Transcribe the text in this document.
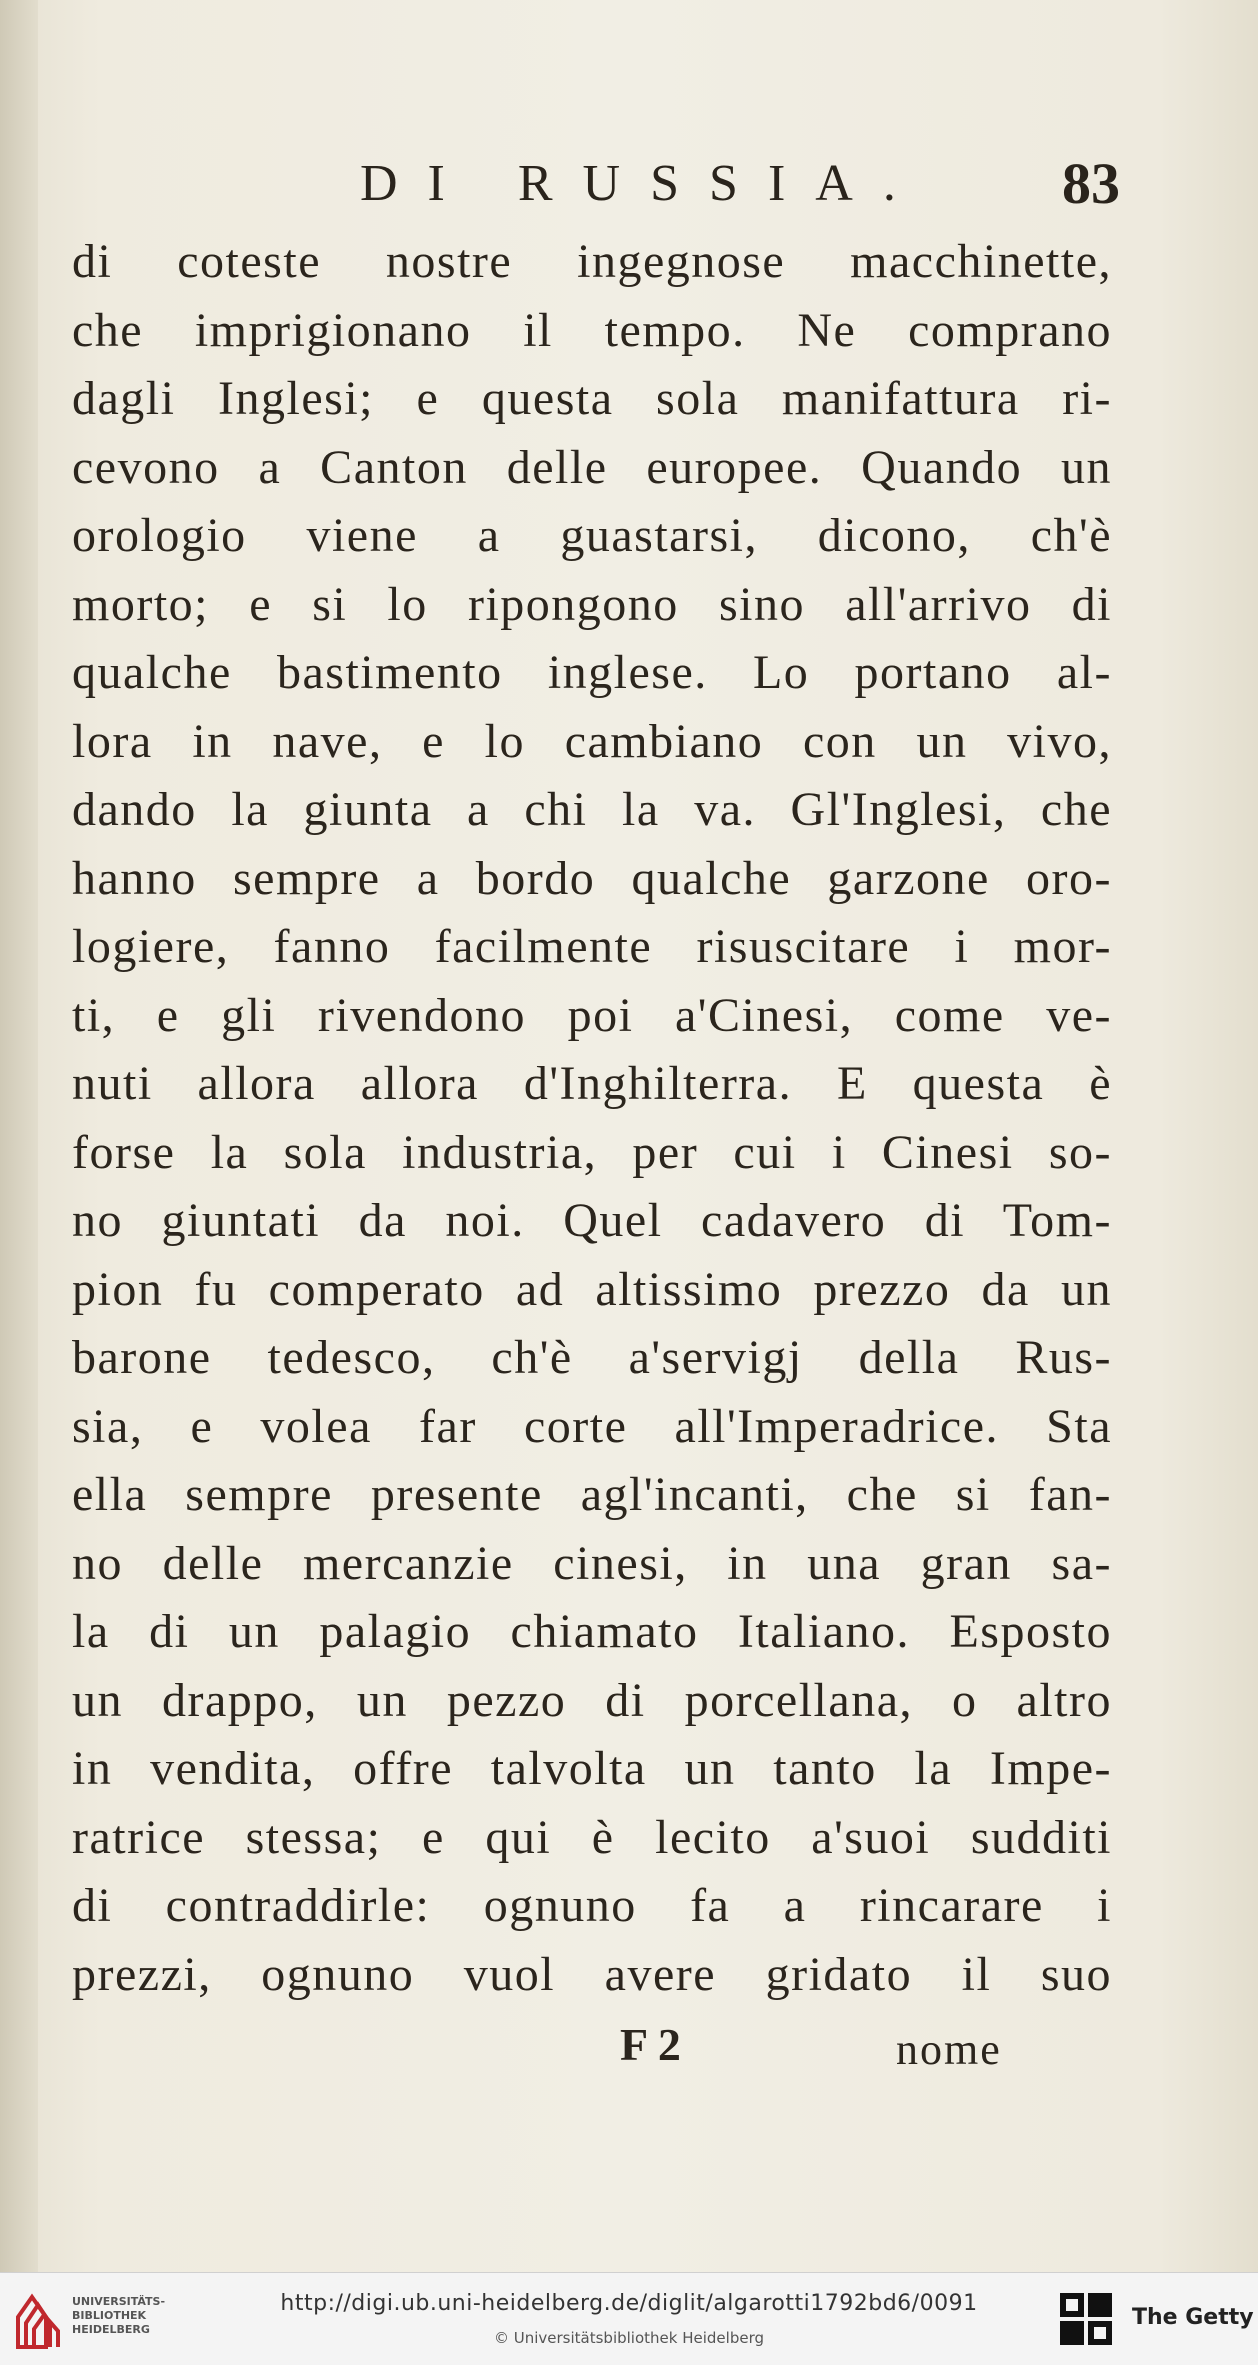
DI RUSSIA. 83
di coteste nostre ingegnose macchinette,
che imprigionano il tempo. Ne comprano
dagli Inglesi; e questa sola manifattura ri-
cevono a Canton delle europee. Quando un
orologio viene a guastarsi, dicono, ch'è
morto; e si lo ripongono sino all'arrivo di
qualche bastimento inglese. Lo portano al-
lora in nave, e lo cambiano con un vivo,
dando la giunta a chi la va. Gl'Inglesi, che
hanno sempre a bordo qualche garzone oro-
logiere, fanno facilmente risuscitare i mor-
ti, e gli rivendono poi a'Cinesi, come ve-
nuti allora allora d'Inghilterra. E questa è
forse la sola industria, per cui i Cinesi so-
no giuntati da noi. Quel cadavero di Tom-
pion fu comperato ad altissimo prezzo da un
barone tedesco, ch'è a'servigj della Rus-
sia, e volea far corte all'Imperadrice. Sta
ella sempre presente agl'incanti, che si fan-
no delle mercanzie cinesi, in una gran sa-
la di un palagio chiamato Italiano. Esposto
un drappo, un pezzo di porcellana, o altro
in vendita, offre talvolta un tanto la Impe-
ratrice stessa; e qui è lecito a'suoi sudditi
di contraddirle: ognuno fa a rincarare i
prezzi, ognuno vuol avere gridato il suo
F 2	nome
UNIVERSITÄTS-
BIBLIOTHEK
HEIDELBERG
http://digi.ub.uni-heidelberg.de/diglit/algarotti1792bd6/0091
© Universitätsbibliothek Heidelberg
The Getty
